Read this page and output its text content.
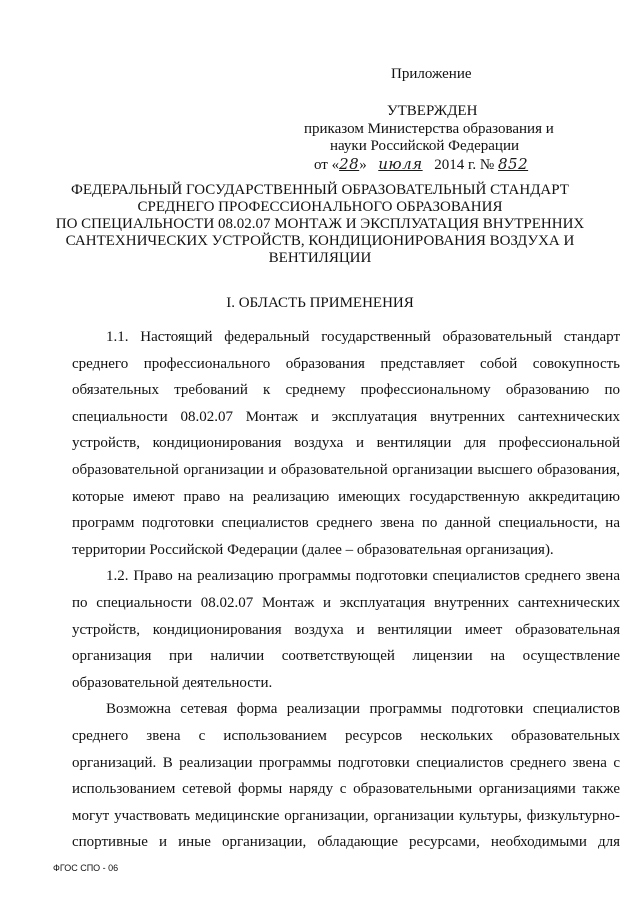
Приложение
УТВЕРЖДЕН
приказом Министерства образования и
науки Российской Федерации
от «28» июля 2014 г. № 852
ФЕДЕРАЛЬНЫЙ ГОСУДАРСТВЕННЫЙ ОБРАЗОВАТЕЛЬНЫЙ СТАНДАРТ
СРЕДНЕГО ПРОФЕССИОНАЛЬНОГО ОБРАЗОВАНИЯ
ПО СПЕЦИАЛЬНОСТИ 08.02.07 МОНТАЖ И ЭКСПЛУАТАЦИЯ ВНУТРЕННИХ
САНТЕХНИЧЕСКИХ УСТРОЙСТВ, КОНДИЦИОНИРОВАНИЯ ВОЗДУХА И
ВЕНТИЛЯЦИИ
I. ОБЛАСТЬ ПРИМЕНЕНИЯ
1.1. Настоящий федеральный государственный образовательный стандарт
среднего профессионального образования представляет собой совокупность
обязательных требований к среднему профессиональному образованию по
специальности 08.02.07 Монтаж и эксплуатация внутренних сантехнических
устройств, кондиционирования воздуха и вентиляции для профессиональной
образовательной организации и образовательной организации высшего образования,
которые имеют право на реализацию имеющих государственную аккредитацию
программ подготовки специалистов среднего звена по данной специальности, на
территории Российской Федерации (далее – образовательная организация).
1.2. Право на реализацию программы подготовки специалистов среднего звена
по специальности 08.02.07 Монтаж и эксплуатация внутренних сантехнических
устройств, кондиционирования воздуха и вентиляции имеет образовательная
организация при наличии соответствующей лицензии на осуществление
образовательной деятельности.
Возможна сетевая форма реализации программы подготовки специалистов
среднего звена с использованием ресурсов нескольких образовательных
организаций. В реализации программы подготовки специалистов среднего звена с
использованием сетевой формы наряду с образовательными организациями также
могут участвовать медицинские организации, организации культуры, физкультурно-
спортивные и иные организации, обладающие ресурсами, необходимыми для
ФГОС СПО - 06
